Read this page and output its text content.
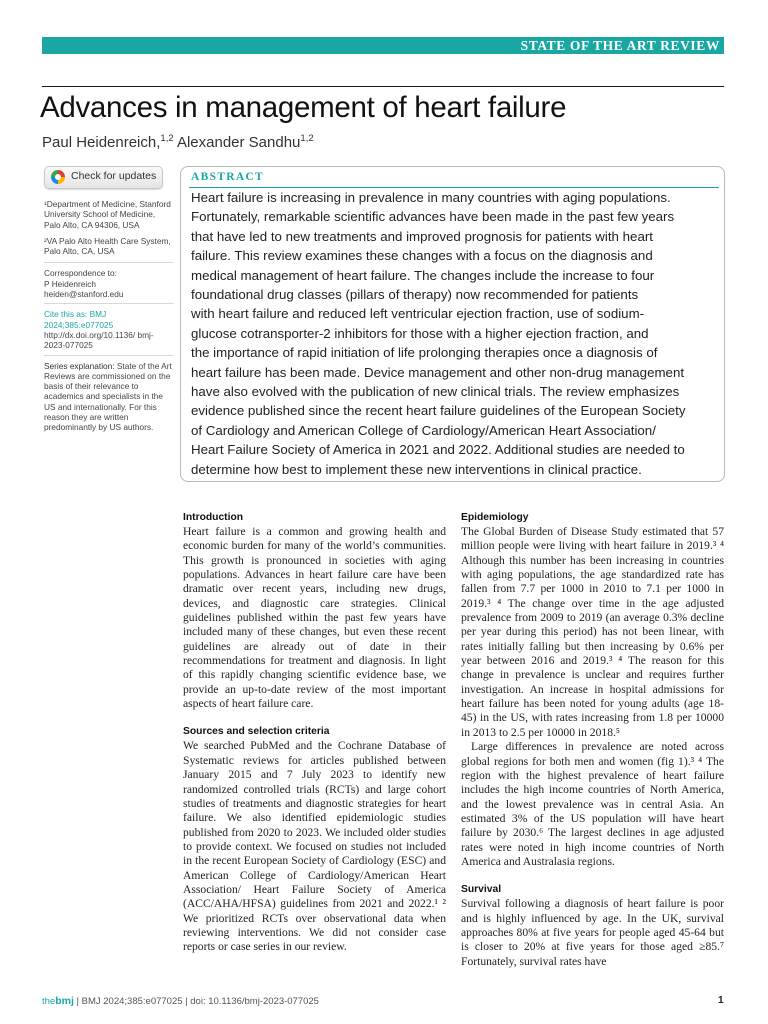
STATE OF THE ART REVIEW
Advances in management of heart failure
Paul Heidenreich,$^{1,2}$ Alexander Sandhu$^{1,2}$
Check for updates

¹Department of Medicine, Stanford University School of Medicine, Palo Alto, CA 94306, USA

²VA Palo Alto Health Care System, Palo Alto, CA, USA

Correspondence to:
P Heidenreich
heiden@stanford.edu

Cite this as: BMJ 2024;385:e077025
http://dx.doi.org/10.1136/ bmj-2023-077025

Series explanation: State of the Art Reviews are commissioned on the basis of their relevance to academics and specialists in the US and internationally. For this reason they are written predominantly by US authors.

ABSTRACT
Heart failure is increasing in prevalence in many countries with aging populations.
Fortunately, remarkable scientific advances have been made in the past few years
that have led to new treatments and improved prognosis for patients with heart
failure. This review examines these changes with a focus on the diagnosis and
medical management of heart failure. The changes include the increase to four
foundational drug classes (pillars of therapy) now recommended for patients
with heart failure and reduced left ventricular ejection fraction, use of sodium-
glucose cotransporter-2 inhibitors for those with a higher ejection fraction, and
the importance of rapid initiation of life prolonging therapies once a diagnosis of
heart failure has been made. Device management and other non-drug management
have also evolved with the publication of new clinical trials. The review emphasizes
evidence published since the recent heart failure guidelines of the European Society
of Cardiology and American College of Cardiology/American Heart Association/
Heart Failure Society of America in 2021 and 2022. Additional studies are needed to
determine how best to implement these new interventions in clinical practice.
Introduction

Heart failure is a common and growing health and economic burden for many of the world’s communities. This growth is pronounced in societies with aging populations. Advances in heart failure care have been dramatic over recent years, including new drugs, devices, and diagnostic care strategies. Clinical guidelines published within the past few years have included many of these changes, but even these recent guidelines are already out of date in their recommendations for treatment and diagnosis. In light of this rapidly changing scientific evidence base, we provide an up-to-date review of the most important aspects of heart failure care.

Sources and selection criteria

We searched PubMed and the Cochrane Database of Systematic reviews for articles published between January 2015 and 7 July 2023 to identify new randomized controlled trials (RCTs) and large cohort studies of treatments and diagnostic strategies for heart failure. We also identified epidemiologic studies published from 2020 to 2023. We included older studies to provide context. We focused on studies not included in the recent European Society of Cardiology (ESC) and American College of Cardiology/American Heart Association/ Heart Failure Society of America (ACC/AHA/HFSA) guidelines from 2021 and 2022.¹ ² We prioritized RCTs over observational data when reviewing interventions. We did not consider case reports or case series in our review.

Epidemiology

The Global Burden of Disease Study estimated that 57 million people were living with heart failure in 2019.³ ⁴ Although this number has been increasing in countries with aging populations, the age standardized rate has fallen from 7.7 per 1000 in 2010 to 7.1 per 1000 in 2019.³ ⁴ The change over time in the age adjusted prevalence from 2009 to 2019 (an average 0.3% decline per year during this period) has not been linear, with rates initially falling but then increasing by 0.6% per year between 2016 and 2019.³ ⁴ The reason for this change in prevalence is unclear and requires further investigation. An increase in hospital admissions for heart failure has been noted for young adults (age 18-45) in the US, with rates increasing from 1.8 per 10000 in 2013 to 2.5 per 10000 in 2018.⁵

Large differences in prevalence are noted across global regions for both men and women (fig 1).³ ⁴ The region with the highest prevalence of heart failure includes the high income countries of North America, and the lowest prevalence was in central Asia. An estimated 3% of the US population will have heart failure by 2030.⁶ The largest declines in age adjusted rates were noted in high income countries of North America and Australasia regions.

Survival

Survival following a diagnosis of heart failure is poor and is highly influenced by age. In the UK, survival approaches 80% at five years for people aged 45-64 but is closer to 20% at five years for those aged ≥85.⁷ Fortunately, survival rates have

thebmj | BMJ 2024;385:e077025 | doi: 10.1136/bmj-2023-077025	1
